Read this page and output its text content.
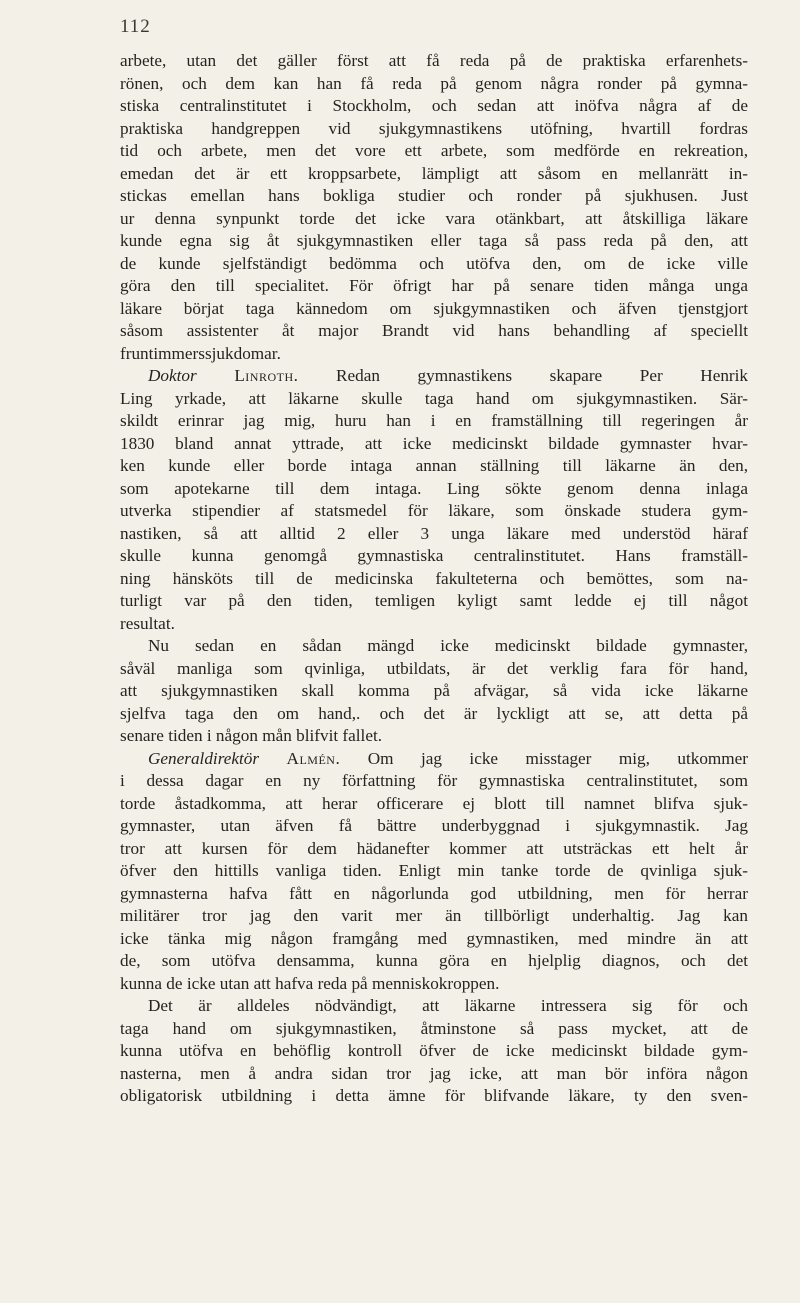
112
arbete, utan det gäller först att få reda på de praktiska erfarenhets-
rönen, och dem kan han få reda på genom några ronder på gymna-
stiska centralinstitutet i Stockholm, och sedan att inöfva några af de
praktiska handgreppen vid sjukgymnastikens utöfning, hvartill fordras
tid och arbete, men det vore ett arbete, som medförde en rekreation,
emedan det är ett kroppsarbete, lämpligt att såsom en mellanrätt in-
stickas emellan hans bokliga studier och ronder på sjukhusen. Just
ur denna synpunkt torde det icke vara otänkbart, att åtskilliga läkare
kunde egna sig åt sjukgymnastiken eller taga så pass reda på den, att
de kunde sjelfständigt bedömma och utöfva den, om de icke ville
göra den till specialitet. För öfrigt har på senare tiden många unga
läkare börjat taga kännedom om sjukgymnastiken och äfven tjenstgjort
såsom assistenter åt major Brandt vid hans behandling af speciellt
fruntimmerssjukdomar.
Doktor Linroth. Redan gymnastikens skapare Per Henrik
Ling yrkade, att läkarne skulle taga hand om sjukgymnastiken. Sär-
skildt erinrar jag mig, huru han i en framställning till regeringen år
1830 bland annat yttrade, att icke medicinskt bildade gymnaster hvar-
ken kunde eller borde intaga annan ställning till läkarne än den,
som apotekarne till dem intaga. Ling sökte genom denna inlaga
utverka stipendier af statsmedel för läkare, som önskade studera gym-
nastiken, så att alltid 2 eller 3 unga läkare med understöd häraf
skulle kunna genomgå gymnastiska centralinstitutet. Hans framställ-
ning hänsköts till de medicinska fakulteterna och bemöttes, som na-
turligt var på den tiden, temligen kyligt samt ledde ej till något
resultat.
Nu sedan en sådan mängd icke medicinskt bildade gymnaster,
såväl manliga som qvinliga, utbildats, är det verklig fara för hand,
att sjukgymnastiken skall komma på afvägar, så vida icke läkarne
sjelfva taga den om hand,. och det är lyckligt att se, att detta på
senare tiden i någon mån blifvit fallet.
Generaldirektör Almén. Om jag icke misstager mig, utkommer
i dessa dagar en ny författning för gymnastiska centralinstitutet, som
torde åstadkomma, att herar officerare ej blott till namnet blifva sjuk-
gymnaster, utan äfven få bättre underbyggnad i sjukgymnastik. Jag
tror att kursen för dem hädanefter kommer att utsträckas ett helt år
öfver den hittills vanliga tiden. Enligt min tanke torde de qvinliga sjuk-
gymnasterna hafva fått en någorlunda god utbildning, men för herrar
militärer tror jag den varit mer än tillbörligt underhaltig. Jag kan
icke tänka mig någon framgång med gymnastiken, med mindre än att
de, som utöfva densamma, kunna göra en hjelplig diagnos, och det
kunna de icke utan att hafva reda på menniskokroppen.
Det är alldeles nödvändigt, att läkarne intressera sig för och
taga hand om sjukgymnastiken, åtminstone så pass mycket, att de
kunna utöfva en behöflig kontroll öfver de icke medicinskt bildade gym-
nasterna, men å andra sidan tror jag icke, att man bör införa någon
obligatorisk utbildning i detta ämne för blifvande läkare, ty den sven-
